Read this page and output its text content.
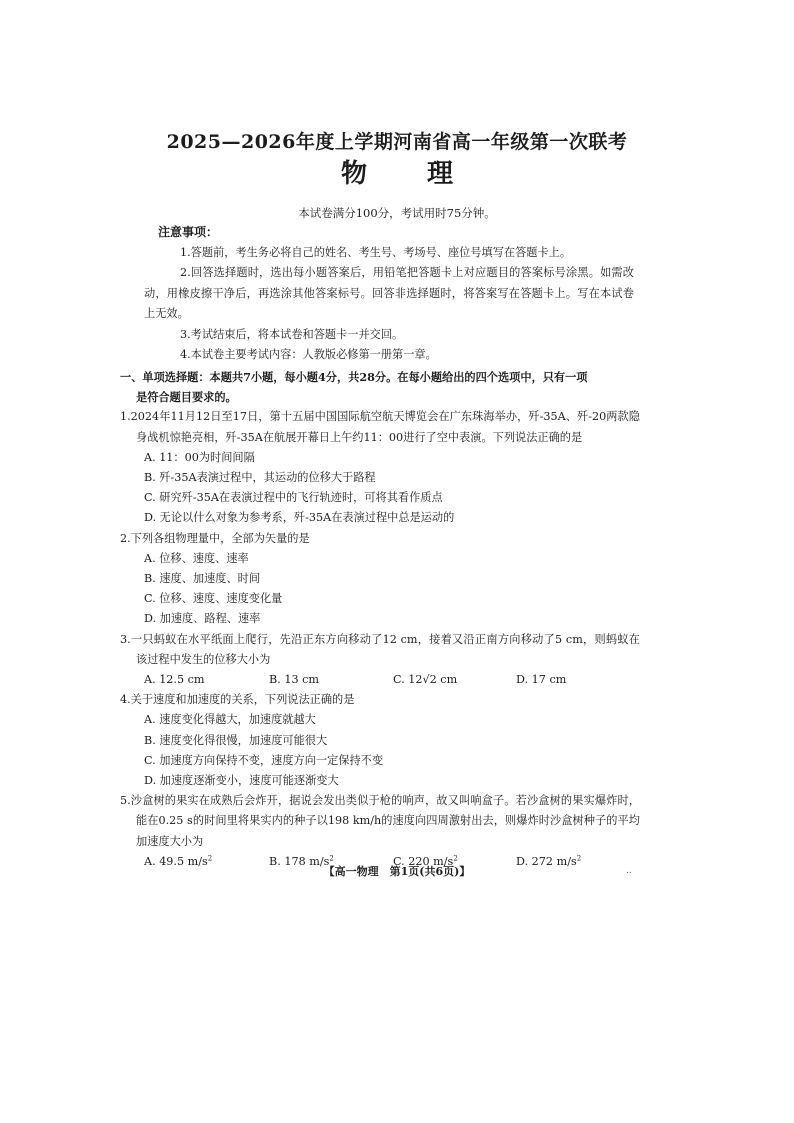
2025—2026年度上学期河南省高一年级第一次联考
物理
本试卷满分100分，考试用时75分钟。
注意事项：
1.答题前，考生务必将自己的姓名、考生号、考场号、座位号填写在答题卡上。
2.回答选择题时，选出每小题答案后，用铅笔把答题卡上对应题目的答案标号涂黑。如需改动，用橡皮擦干净后，再选涂其他答案标号。回答非选择题时，将答案写在答题卡上。写在本试卷上无效。
3.考试结束后，将本试卷和答题卡一并交回。
4.本试卷主要考试内容：人教版必修第一册第一章。
一、单项选择题：本题共7小题，每小题4分，共28分。在每小题给出的四个选项中，只有一项
是符合题目要求的。
1.2024年11月12日至17日，第十五届中国国际航空航天博览会在广东珠海举办，歼-35A、歼-20两款隐身战机惊艳亮相，歼-35A在航展开幕日上午约11：00进行了空中表演。下列说法正确的是
A. 11：00为时间间隔
B. 歼-35A表演过程中，其运动的位移大于路程
C. 研究歼-35A在表演过程中的飞行轨迹时，可将其看作质点
D. 无论以什么对象为参考系，歼-35A在表演过程中总是运动的
2.下列各组物理量中，全部为矢量的是
A. 位移、速度、速率
B. 速度、加速度、时间
C. 位移、速度、速度变化量
D. 加速度、路程、速率
3.一只蚂蚁在水平纸面上爬行，先沿正东方向移动了12 cm，接着又沿正南方向移动了5 cm，则蚂蚁在该过程中发生的位移大小为
A. 12.5 cm	B. 13 cm	C. 12√2 cm	D. 17 cm
4.关于速度和加速度的关系，下列说法正确的是
A. 速度变化得越大，加速度就越大
B. 速度变化得很慢，加速度可能很大
C. 加速度方向保持不变，速度方向一定保持不变
D. 加速度逐渐变小，速度可能逐渐变大
5.沙盒树的果实在成熟后会炸开，据说会发出类似于枪的响声，故又叫响盒子。若沙盒树的果实爆炸时，能在0.25 s的时间里将果实内的种子以198 km/h的速度向四周激射出去，则爆炸时沙盒树种子的平均加速度大小为
A. 49.5 $m/s^2$	B. 178 $m/s^2$	C. 220 $m/s^2$	D. 272 $m/s^2$
【高一物理　第1页(共6页)】	..
